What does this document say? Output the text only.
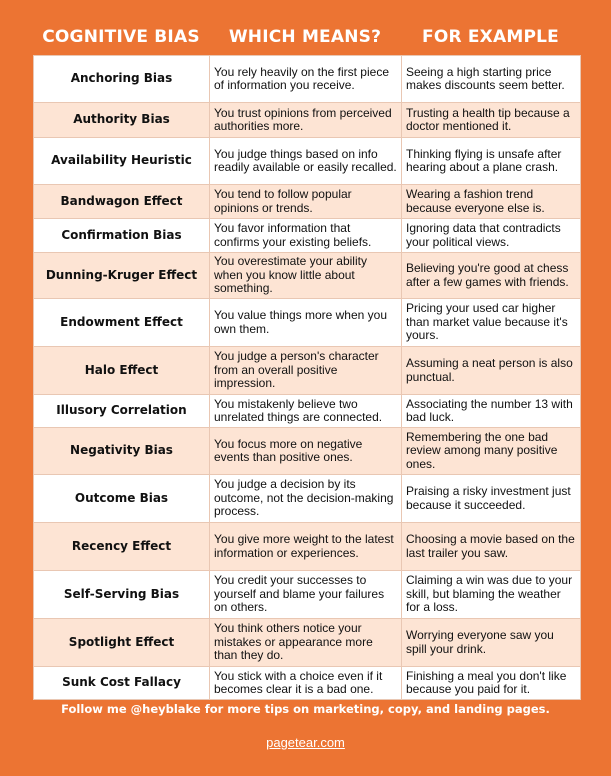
COGNITIVE BIAS	WHICH MEANS?	FOR EXAMPLE
Anchoring Bias	You rely heavily on the first piece of information you receive.	Seeing a high starting price makes discounts seem better.
Authority Bias	You trust opinions from perceived authorities more.	Trusting a health tip because a doctor mentioned it.
Availability Heuristic	You judge things based on info readily available or easily recalled.	Thinking flying is unsafe after hearing about a plane crash.
Bandwagon Effect	You tend to follow popular opinions or trends.	Wearing a fashion trend because everyone else is.
Confirmation Bias	You favor information that confirms your existing beliefs.	Ignoring data that contradicts your political views.
Dunning-Kruger Effect	You overestimate your ability when you know little about something.	Believing you're good at chess after a few games with friends.
Endowment Effect	You value things more when you own them.	Pricing your used car higher than market value because it's yours.
Halo Effect	You judge a person's character from an overall positive impression.	Assuming a neat person is also punctual.
Illusory Correlation	You mistakenly believe two unrelated things are connected.	Associating the number 13 with bad luck.
Negativity Bias	You focus more on negative events than positive ones.	Remembering the one bad review among many positive ones.
Outcome Bias	You judge a decision by its outcome, not the decision-making process.	Praising a risky investment just because it succeeded.
Recency Effect	You give more weight to the latest information or experiences.	Choosing a movie based on the last trailer you saw.
Self-Serving Bias	You credit your successes to yourself and blame your failures on others.	Claiming a win was due to your skill, but blaming the weather for a loss.
Spotlight Effect	You think others notice your mistakes or appearance more than they do.	Worrying everyone saw you spill your drink.
Sunk Cost Fallacy	You stick with a choice even if it becomes clear it is a bad one.	Finishing a meal you don't like because you paid for it.
Follow me @heyblake for more tips on marketing, copy, and landing pages.
pagetear.com
